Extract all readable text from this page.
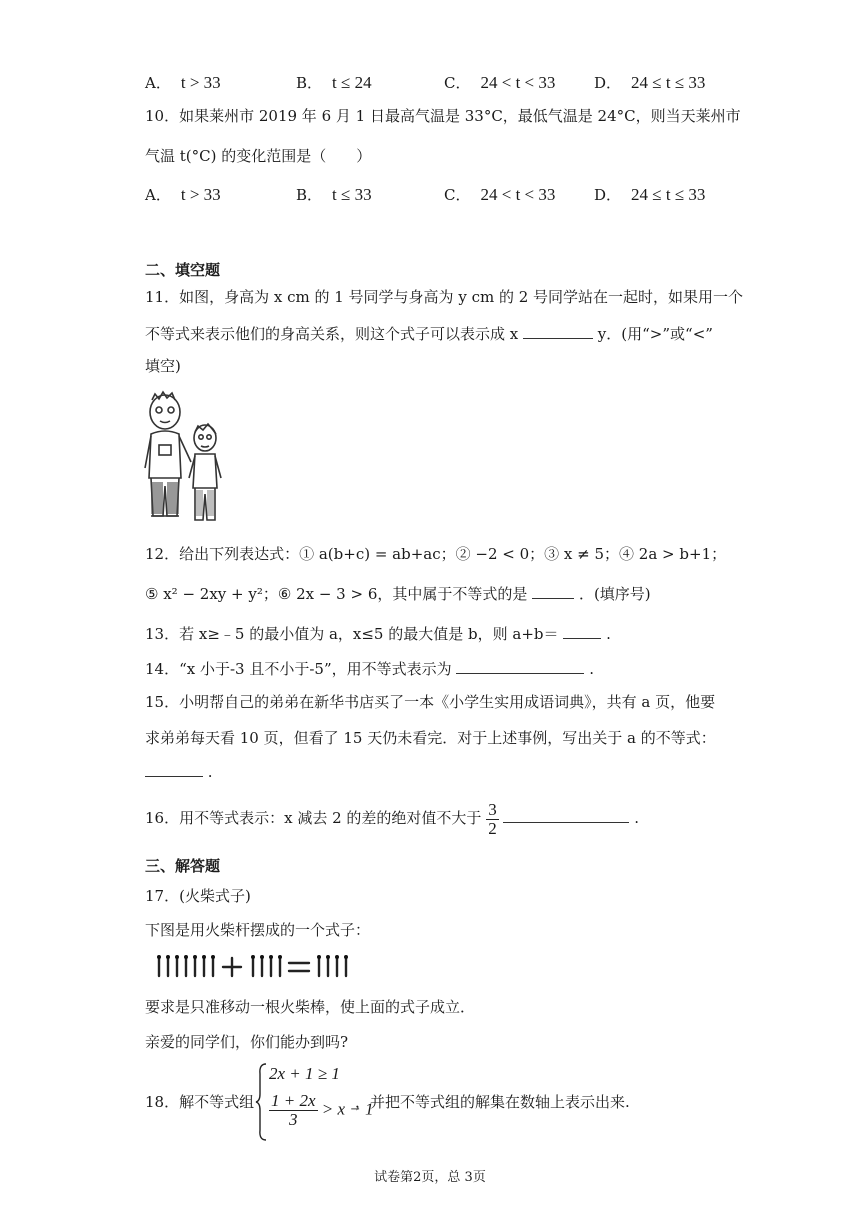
A． t > 33	B． t ≤ 24	C． 24 < t < 33	D． 24 ≤ t ≤ 33
10．如果莱州市 2019 年 6 月 1 日最高气温是 33°C，最低气温是 24°C，则当天莱州市
气温 t(°C) 的变化范围是（　　）
A． t > 33	B． t ≤ 33	C． 24 < t < 33	D． 24 ≤ t ≤ 33
二、填空题
11．如图，身高为 x cm 的 1 号同学与身高为 y cm 的 2 号同学站在一起时，如果用一个
不等式来表示他们的身高关系，则这个式子可以表示成 x	y．(用“>”或“<”
填空)
12．给出下列表达式：① a(b+c) = ab+ac；② −2 < 0；③ x ≠ 5；④ 2a > b+1；
⑤ x² − 2xy + y²；⑥ 2x − 3 > 6，其中属于不等式的是	．(填序号)
13．若 x≥﹣5 的最小值为 a，x≤5 的最大值是 b，则 a+b＝	.
14．“x 小于-3 且不小于-5”，用不等式表示为	.
15．小明帮自己的弟弟在新华书店买了一本《小学生实用成语词典》，共有 a 页，他要
求弟弟每天看 10 页，但看了 15 天仍未看完．对于上述事例，写出关于 a 的不等式：
.
16．用不等式表示：x 减去 2 的差的绝对值不大于 $\frac{3}{2}$	.
三、解答题
17．(火柴式子)
下图是用火柴杆摆成的一个式子：
要求是只准移动一根火柴棒，使上面的式子成立．
亲爱的同学们，你们能办到吗?
18．解不等式组
2x + 1 ≥ 1
$\frac{1 + 2x}{3} > x - 1$
，并把不等式组的解集在数轴上表示出来.
试卷第2页，总 3页
